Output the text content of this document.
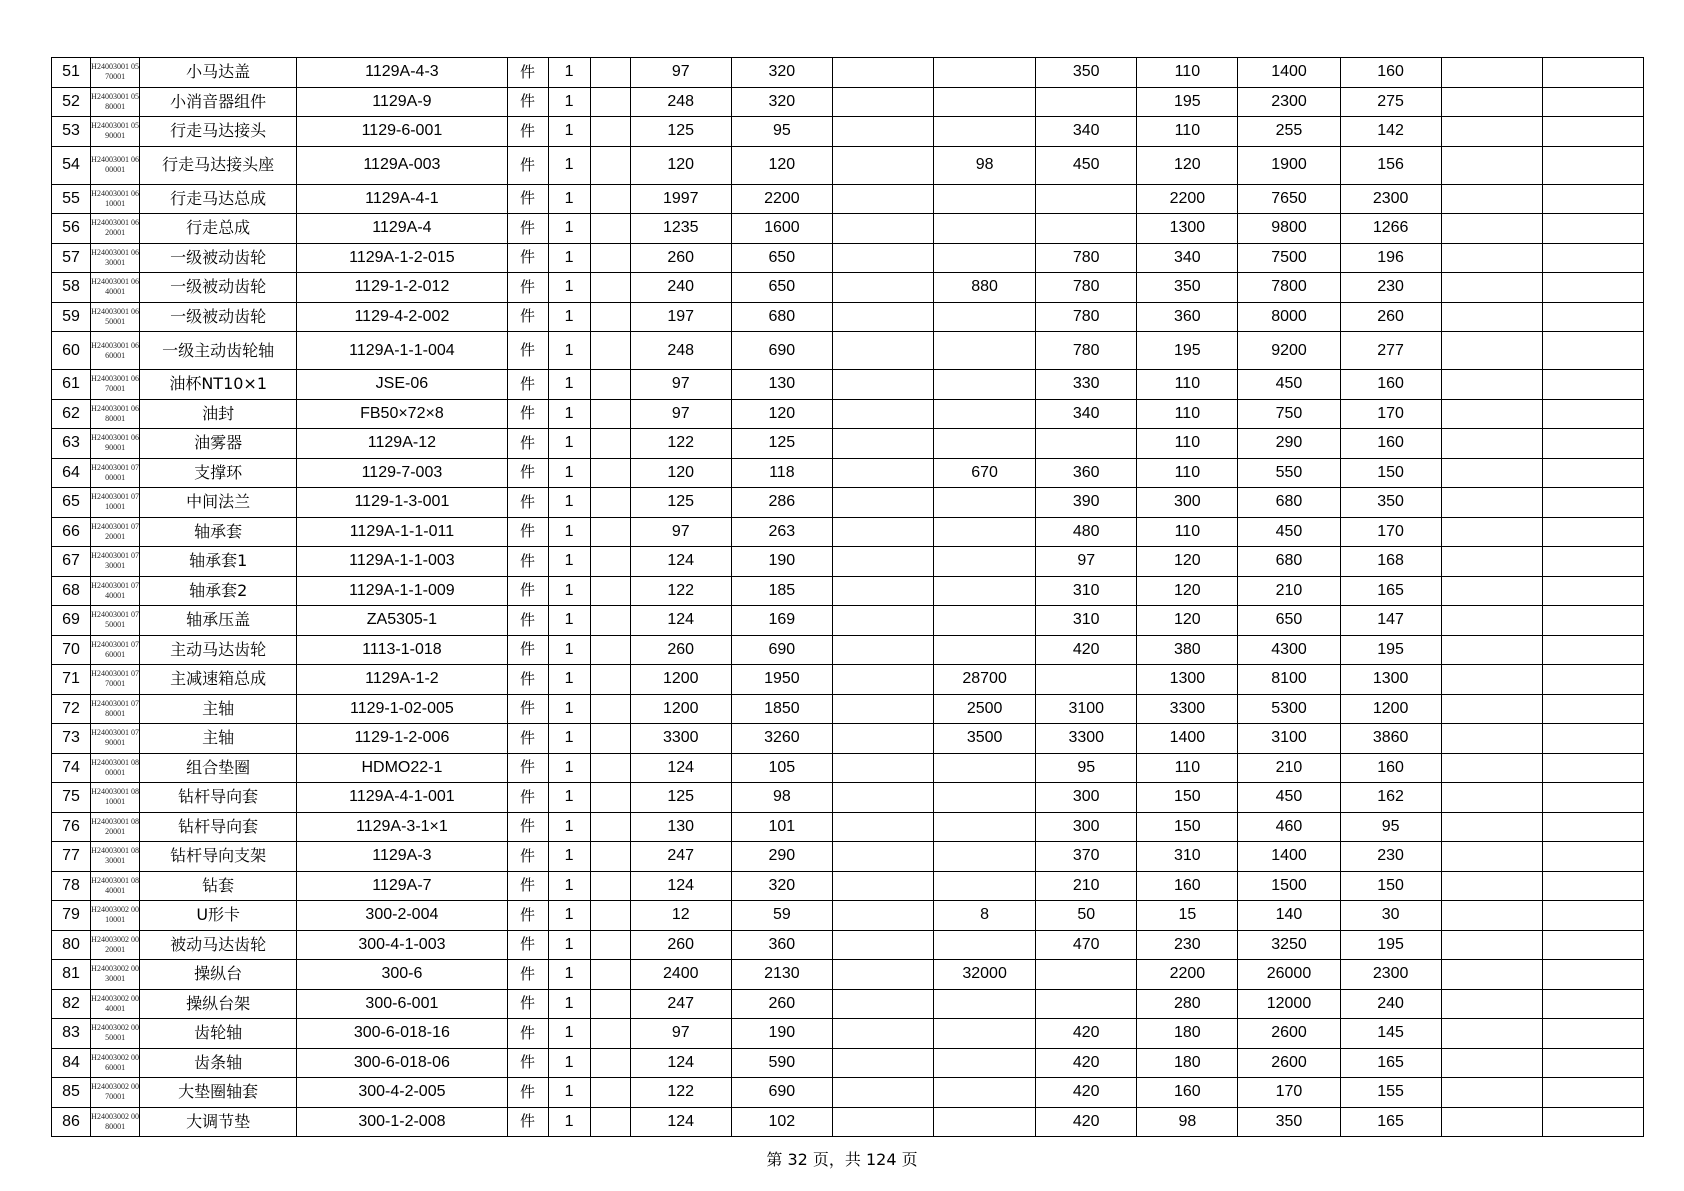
51	H24003001 0570001	小马达盖	1129A-4-3	件	1		97	320			350	110	1400	160		
52	H24003001 0580001	小消音器组件	1129A-9	件	1		248	320				195	2300	275		
53	H24003001 0590001	行走马达接头	1129-6-001	件	1		125	95			340	110	255	142		
54	H24003001 0600001	行走马达接头座	1129A-003	件	1		120	120		98	450	120	1900	156		
55	H24003001 0610001	行走马达总成	1129A-4-1	件	1		1997	2200				2200	7650	2300		
56	H24003001 0620001	行走总成	1129A-4	件	1		1235	1600				1300	9800	1266		
57	H24003001 0630001	一级被动齿轮	1129A-1-2-015	件	1		260	650			780	340	7500	196		
58	H24003001 0640001	一级被动齿轮	1129-1-2-012	件	1		240	650		880	780	350	7800	230		
59	H24003001 0650001	一级被动齿轮	1129-4-2-002	件	1		197	680			780	360	8000	260		
60	H24003001 0660001	一级主动齿轮轴	1129A-1-1-004	件	1		248	690			780	195	9200	277		
61	H24003001 0670001	油杯NT10×1	JSE-06	件	1		97	130			330	110	450	160		
62	H24003001 0680001	油封	FB50×72×8	件	1		97	120			340	110	750	170		
63	H24003001 0690001	油雾器	1129A-12	件	1		122	125				110	290	160		
64	H24003001 0700001	支撑环	1129-7-003	件	1		120	118		670	360	110	550	150		
65	H24003001 0710001	中间法兰	1129-1-3-001	件	1		125	286			390	300	680	350		
66	H24003001 0720001	轴承套	1129A-1-1-011	件	1		97	263			480	110	450	170		
67	H24003001 0730001	轴承套1	1129A-1-1-003	件	1		124	190			97	120	680	168		
68	H24003001 0740001	轴承套2	1129A-1-1-009	件	1		122	185			310	120	210	165		
69	H24003001 0750001	轴承压盖	ZA5305-1	件	1		124	169			310	120	650	147		
70	H24003001 0760001	主动马达齿轮	1113-1-018	件	1		260	690			420	380	4300	195		
71	H24003001 0770001	主减速箱总成	1129A-1-2	件	1		1200	1950		28700		1300	8100	1300		
72	H24003001 0780001	主轴	1129-1-02-005	件	1		1200	1850		2500	3100	3300	5300	1200		
73	H24003001 0790001	主轴	1129-1-2-006	件	1		3300	3260		3500	3300	1400	3100	3860		
74	H24003001 0800001	组合垫圈	HDMO22-1	件	1		124	105			95	110	210	160		
75	H24003001 0810001	钻杆导向套	1129A-4-1-001	件	1		125	98			300	150	450	162		
76	H24003001 0820001	钻杆导向套	1129A-3-1×1	件	1		130	101			300	150	460	95		
77	H24003001 0830001	钻杆导向支架	1129A-3	件	1		247	290			370	310	1400	230		
78	H24003001 0840001	钻套	1129A-7	件	1		124	320			210	160	1500	150		
79	H24003002 0010001	U形卡	300-2-004	件	1		12	59		8	50	15	140	30		
80	H24003002 0020001	被动马达齿轮	300-4-1-003	件	1		260	360			470	230	3250	195		
81	H24003002 0030001	操纵台	300-6	件	1		2400	2130		32000		2200	26000	2300		
82	H24003002 0040001	操纵台架	300-6-001	件	1		247	260				280	12000	240		
83	H24003002 0050001	齿轮轴	300-6-018-16	件	1		97	190			420	180	2600	145		
84	H24003002 0060001	齿条轴	300-6-018-06	件	1		124	590			420	180	2600	165		
85	H24003002 0070001	大垫圈轴套	300-4-2-005	件	1		122	690			420	160	170	155		
86	H24003002 0080001	大调节垫	300-1-2-008	件	1		124	102			420	98	350	165		
第 32 页，共 124 页
